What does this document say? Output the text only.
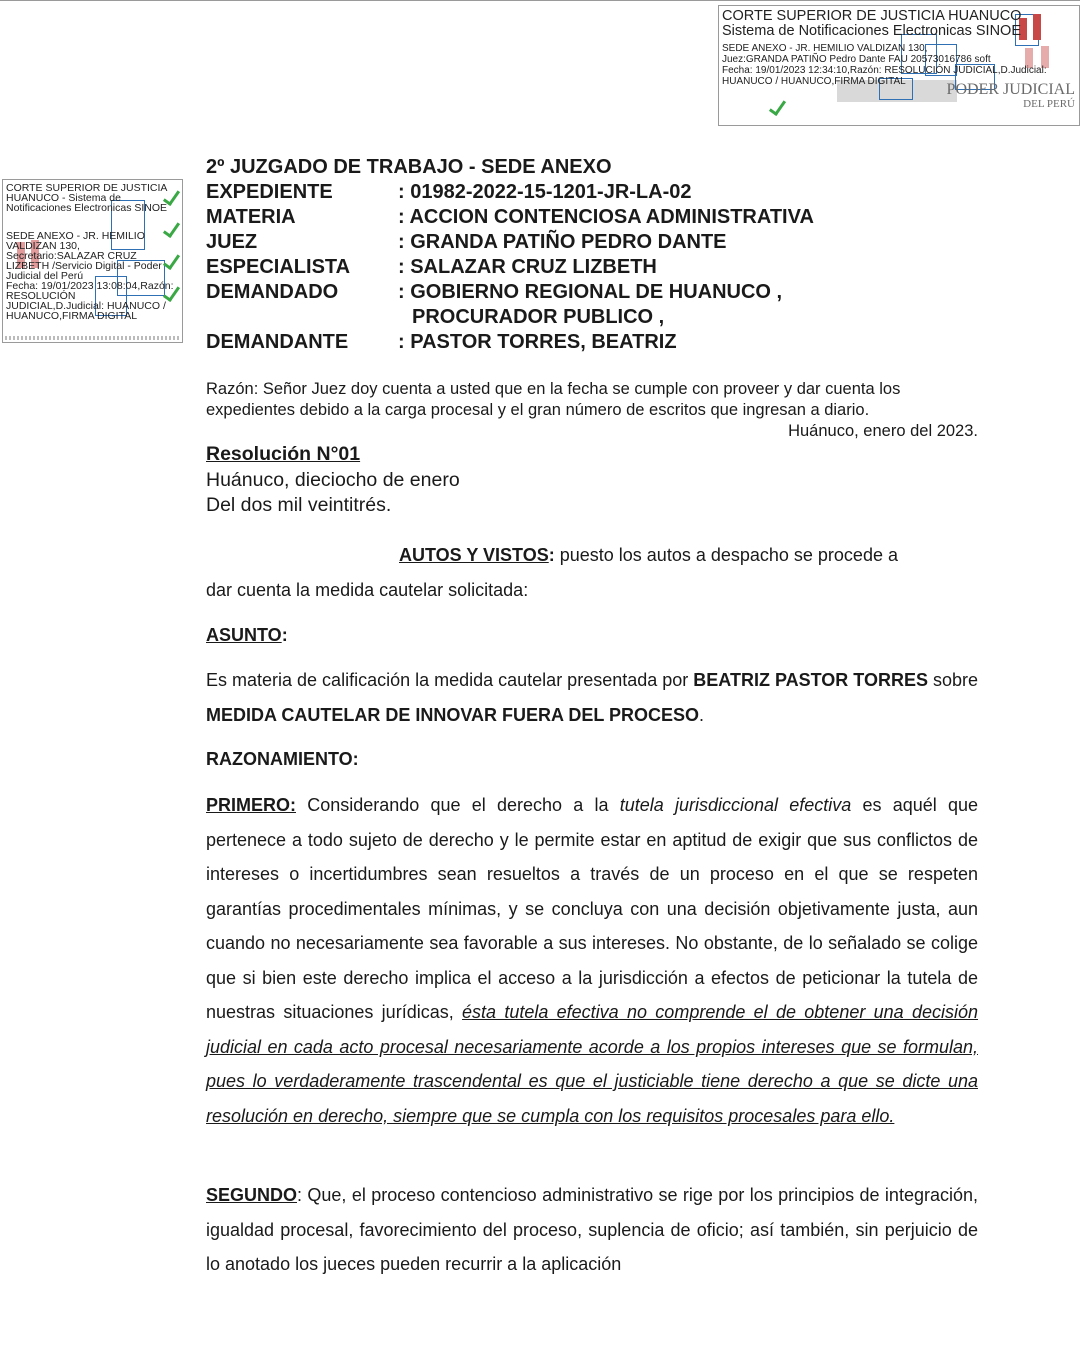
CORTE SUPERIOR DE JUSTICIA HUANUCO
Sistema de Notificaciones Electronicas SINOE
SEDE ANEXO - JR. HEMILIO VALDIZAN 130,
Juez:GRANDA PATIÑO Pedro Dante FAU 20573016786 soft
Fecha: 19/01/2023 12:34:10,Razón: RESOLUCIÓN JUDICIAL,D.Judicial:
HUANUCO / HUANUCO,FIRMA DIGITAL	PODER JUDICIAL
DEL PERÚ
CORTE SUPERIOR DE JUSTICIA
HUANUCO - Sistema de
Notificaciones Electronicas SINOE
SEDE ANEXO - JR. HEMILIO
VALDIZAN 130,
Secretario:SALAZAR CRUZ
LIZBETH /Servicio Digital - Poder
Judicial del Perú
Fecha: 19/01/2023 13:08:04,Razón:
RESOLUCIÓN
JUDICIAL,D.Judicial: HUANUCO /
HUANUCO,FIRMA DIGITAL
2º JUZGADO DE TRABAJO - SEDE ANEXO
EXPEDIENTE	: 01982-2022-15-1201-JR-LA-02
MATERIA	: ACCION CONTENCIOSA ADMINISTRATIVA
JUEZ	: GRANDA PATIÑO PEDRO DANTE
ESPECIALISTA : SALAZAR CRUZ LIZBETH
DEMANDADO	: GOBIERNO REGIONAL DE HUANUCO ,
PROCURADOR PUBLICO ,
DEMANDANTE : PASTOR TORRES, BEATRIZ
Razón: Señor Juez doy cuenta a usted que en la fecha se cumple con proveer y dar cuenta los expedientes debido a la carga procesal y el gran número de escritos que ingresan a diario.
Huánuco, enero del 2023.
Resolución N°01
Huánuco, dieciocho de enero
Del dos mil veintitrés.
AUTOS Y VISTOS: puesto los autos a despacho se procede a
dar cuenta la medida cautelar solicitada:
ASUNTO:
Es materia de calificación la medida cautelar presentada por BEATRIZ PASTOR TORRES sobre MEDIDA CAUTELAR DE INNOVAR FUERA DEL PROCESO.
RAZONAMIENTO:
PRIMERO: Considerando que el derecho a la tutela jurisdiccional efectiva es aquél que pertenece a todo sujeto de derecho y le permite estar en aptitud de exigir que sus conflictos de intereses o incertidumbres sean resueltos a través de un proceso en el que se respeten garantías procedimentales mínimas, y se concluya con una decisión objetivamente justa, aun cuando no necesariamente sea favorable a sus intereses. No obstante, de lo señalado se colige que si bien este derecho implica el acceso a la jurisdicción a efectos de peticionar la tutela de nuestras situaciones jurídicas, ésta tutela efectiva no comprende el de obtener una decisión judicial en cada acto procesal necesariamente acorde a los propios intereses que se formulan, pues lo verdaderamente trascendental es que el justiciable tiene derecho a que se dicte una resolución en derecho, siempre que se cumpla con los requisitos procesales para ello.
SEGUNDO: Que, el proceso contencioso administrativo se rige por los principios de integración, igualdad procesal, favorecimiento del proceso, suplencia de oficio; así también, sin perjuicio de lo anotado los jueces pueden recurrir a la aplicación
